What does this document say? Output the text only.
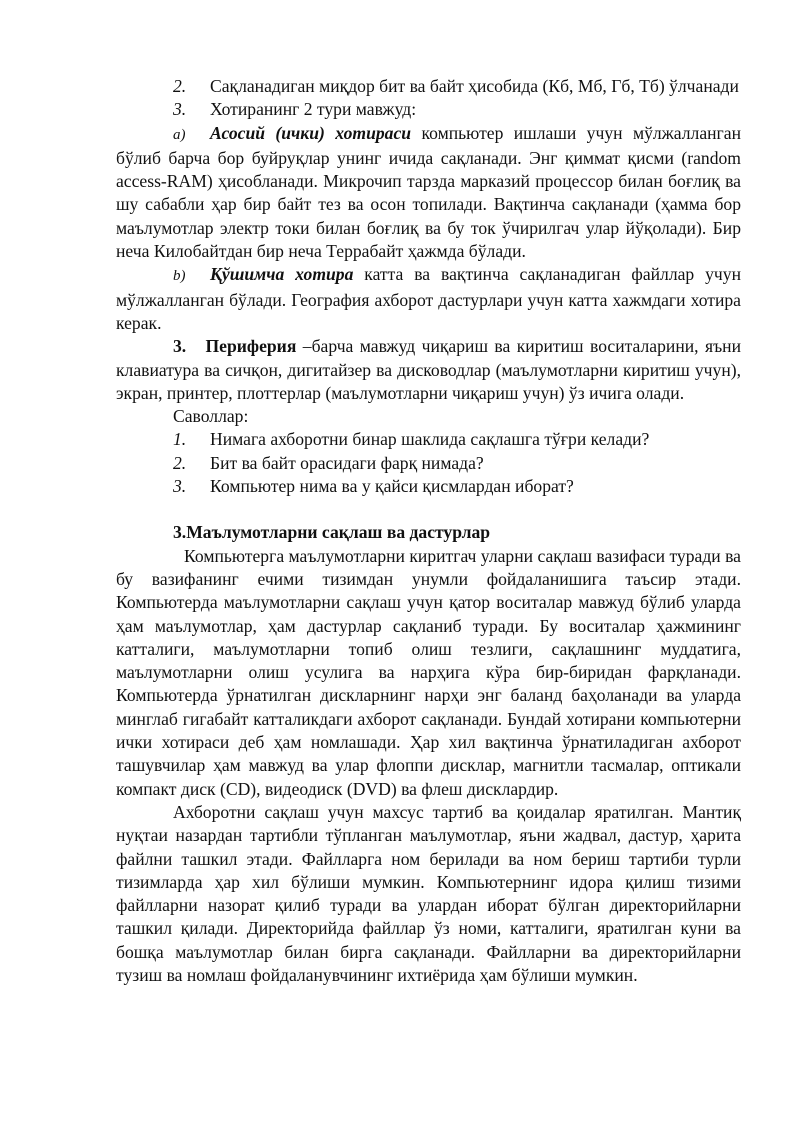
2. Сақланадиган миқдор бит ва байт ҳисобида (Кб, Мб, Гб, Тб) ўлчанади

3. Хотиранинг 2 тури мавжуд:

a) Асосий (ички) хотираси компьютер ишлаши учун мўлжалланган бўлиб барча бор буйруқлар унинг ичида сақланади. Энг қиммат қисми (random access-RAM) ҳисобланади. Микрочип тарзда марказий процессор билан боғлиқ ва шу сабабли ҳар бир байт тез ва осон топилади. Вақтинча сақланади (ҳамма бор маълумотлар электр токи билан боғлиқ ва бу ток ўчирилгач улар йўқолади). Бир неча Килобайтдан бир неча Террабайт ҳажмда бўлади.

b) Қўшимча хотира катта ва вақтинча сақланадиган файллар учун мўлжалланган бўлади. География ахборот дастурлари учун катта хажмдаги хотира керак.

3. Периферия –барча мавжуд чиқариш ва киритиш воситаларини, яъни клавиатура ва сичқон, дигитайзер ва дисководлар (маълумотларни киритиш учун), экран, принтер, плоттерлар (маълумотларни чиқариш учун) ўз ичига олади.

Саволлар:

1. Нимага ахборотни бинар шаклида сақлашга тўғри келади?

2. Бит ва байт орасидаги фарқ нимада?

3. Компьютер нима ва у қайси қисмлардан иборат?

3.Маълумотларни сақлаш ва дастурлар

Компьютерга маълумотларни киритгач уларни сақлаш вазифаси туради ва бу вазифанинг ечими тизимдан унумли фойдаланишига таъсир этади. Компьютерда маълумотларни сақлаш учун қатор воситалар мавжуд бўлиб уларда ҳам маълумотлар, ҳам дастурлар сақланиб туради. Бу воситалар ҳажмининг катталиги, маълумотларни топиб олиш тезлиги, сақлашнинг муддатига, маълумотларни олиш усулига ва нарҳига кўра бир-биридан фарқланади. Компьютерда ўрнатилган дискларнинг нарҳи энг баланд баҳоланади ва уларда минглаб гигабайт катталикдаги ахборот сақланади. Бундай хотирани компьютерни ички хотираси деб ҳам номлашади. Ҳар хил вақтинча ўрнатиладиган ахборот ташувчилар ҳам мавжуд ва улар флоппи дисклар, магнитли тасмалар, оптикали компакт диск (CD), видеодиск (DVD) ва флеш дисклардир.

Ахборотни сақлаш учун махсус тартиб ва қоидалар яратилган. Мантиқ нуқтаи назардан тартибли тўпланган маълумотлар, яъни жадвал, дастур, ҳарита файлни ташкил этади. Файлларга ном берилади ва ном бериш тартиби турли тизимларда ҳар хил бўлиши мумкин. Компьютернинг идора қилиш тизими файлларни назорат қилиб туради ва улардан иборат бўлган директорийларни ташкил қилади. Директорийда файллар ўз номи, катталиги, яратилган куни ва бошқа маълумотлар билан бирга сақланади. Файлларни ва директорийларни тузиш ва номлаш фойдаланувчининг ихтиёрида ҳам бўлиши мумкин.
